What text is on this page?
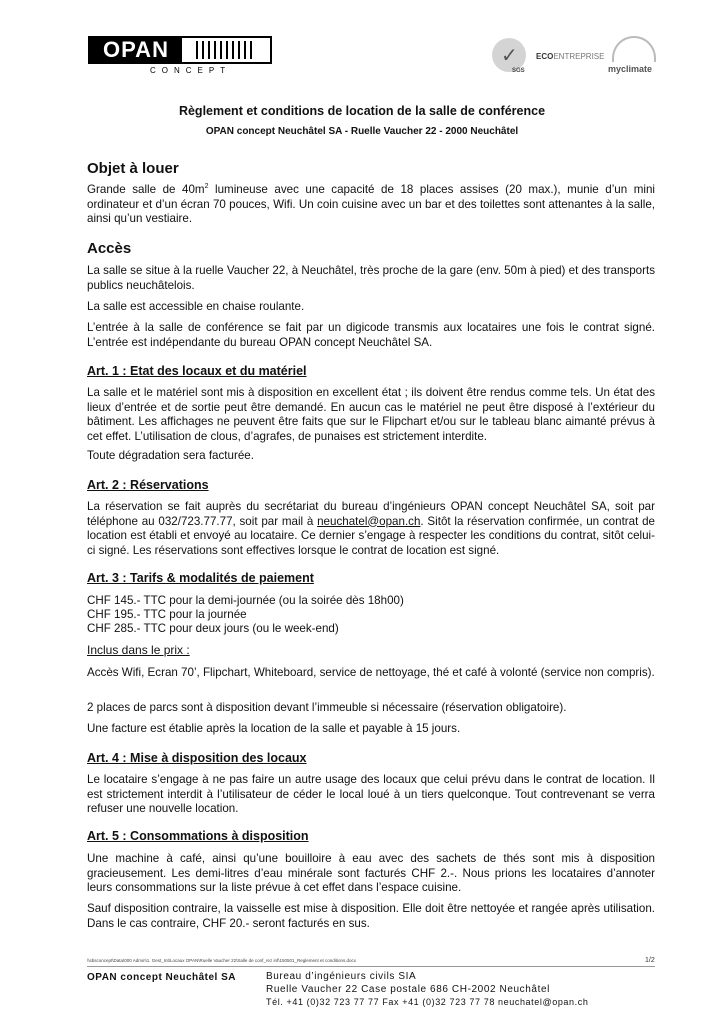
OPAN
CONCEPT
✓
SGS
ECOENTREPRISE
myclimate
Règlement et conditions de location de la salle de conférence
OPAN concept Neuchâtel SA - Ruelle Vaucher 22 - 2000 Neuchâtel
Objet à louer
Grande salle de $40m^2$ lumineuse avec une capacité de 18 places assises (20 max.), munie d’un mini ordinateur et d’un écran 70 pouces, Wifi. Un coin cuisine avec un bar et des toilettes sont attenantes à la salle, ainsi qu’un vestiaire.
Accès
La salle se situe à la ruelle Vaucher 22, à Neuchâtel, très proche de la gare (env. 50m à pied) et des transports publics neuchâtelois.
La salle est accessible en chaise roulante.
L’entrée à la salle de conférence se fait par un digicode transmis aux locataires une fois le contrat signé. L’entrée est indépendante du bureau OPAN concept Neuchâtel SA.
Art. 1 : Etat des locaux et du matériel
La salle et le matériel sont mis à disposition en excellent état ; ils doivent être rendus comme tels. Un état des lieux d’entrée et de sortie peut être demandé. En aucun cas le matériel ne peut être disposé à l’extérieur du bâtiment. Les affichages ne peuvent être faits que sur le Flipchart et/ou sur le tableau blanc aimanté prévus à cet effet. L’utilisation de clous, d’agrafes, de punaises est strictement interdite.
Toute dégradation sera facturée.
Art. 2 : Réservations
La réservation se fait auprès du secrétariat du bureau d’ingénieurs OPAN concept Neuchâtel SA, soit par téléphone au 032/723.77.77, soit par mail à neuchatel@opan.ch. Sitôt la réservation confirmée, un contrat de location est établi et envoyé au locataire. Ce dernier s’engage à respecter les conditions du contrat, sitôt celui-ci signé. Les réservations sont effectives lorsque le contrat de location est signé.
Art. 3 : Tarifs & modalités de paiement
CHF 145.- TTC pour la demi-journée (ou la soirée dès 18h00)
CHF 195.- TTC pour la journée
CHF 285.- TTC pour deux jours (ou le week-end)
Inclus dans le prix :
Accès Wifi, Ecran 70’, Flipchart, Whiteboard, service de nettoyage, thé et café à volonté (service non compris).
2 places de parcs sont à disposition devant l’immeuble si nécessaire (réservation obligatoire).
Une facture est établie après la location de la salle et payable à 15 jours.
Art. 4 : Mise à disposition des locaux
Le locataire s’engage à ne pas faire un autre usage des locaux que celui prévu dans le contrat de location. Il est strictement interdit à l’utilisateur de céder le local loué à un tiers quelconque. Tout contrevenant se verra refuser une nouvelle location.
Art. 5 : Consommations à disposition
Une machine à café, ainsi qu’une bouilloire à eau avec des sachets de thés sont mis à disposition gracieusement. Les demi-litres d’eau minérale sont facturés CHF 2.-. Nous prions les locataires d’annoter leurs consommations sur la liste prévue à cet effet dans l’espace cuisine.
Sauf disposition contraire, la vaisselle est mise à disposition. Elle doit être nettoyée et rangée après utilisation. Dans le cas contraire, CHF 20.- seront facturés en sus.
\\sbsconcept\Data\000 Admin\1. Gest_Int\Locaux OPAN\Ruelle Vaucher 22\Salle de conf_rez inf\150501_Reglement et conditions.docx	1/2
OPAN concept Neuchâtel SA	Bureau d’ingénieurs civils SIA
Ruelle Vaucher 22 Case postale 686 CH-2002 Neuchâtel
Tél. +41 (0)32 723 77 77 Fax +41 (0)32 723 77 78 neuchatel@opan.ch
